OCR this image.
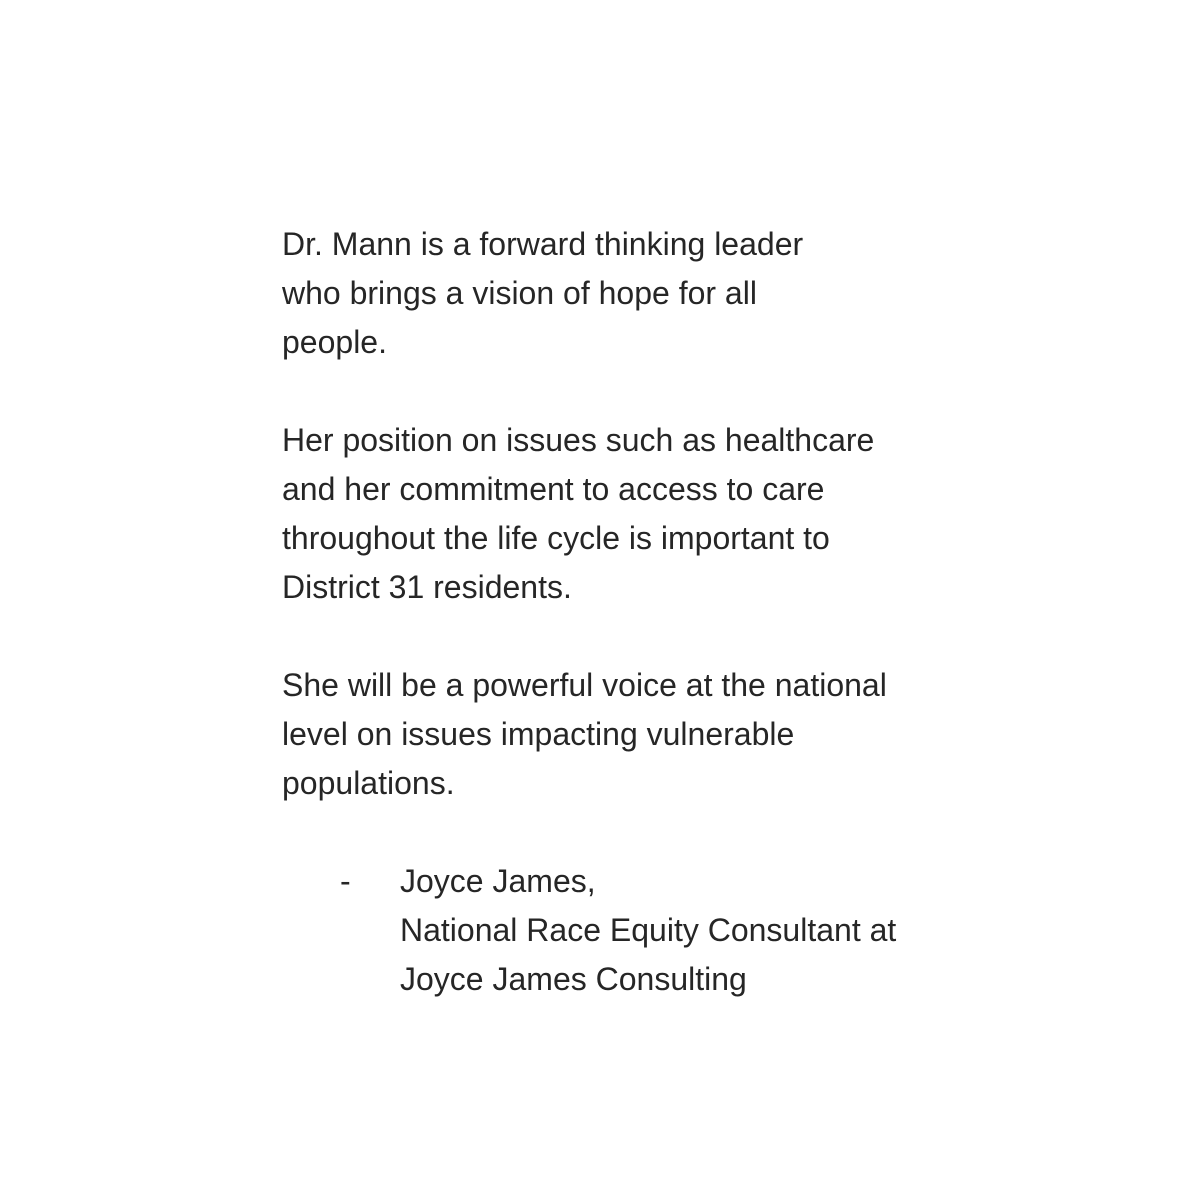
Dr. Mann is a forward thinking leader
who brings a vision of hope for all
people.

Her position on issues such as healthcare
and her commitment to access to care
throughout the life cycle is important to
District 31 residents.

She will be a powerful voice at the national
level on issues impacting vulnerable
populations.

- Joyce James,
National Race Equity Consultant at
Joyce James Consulting
